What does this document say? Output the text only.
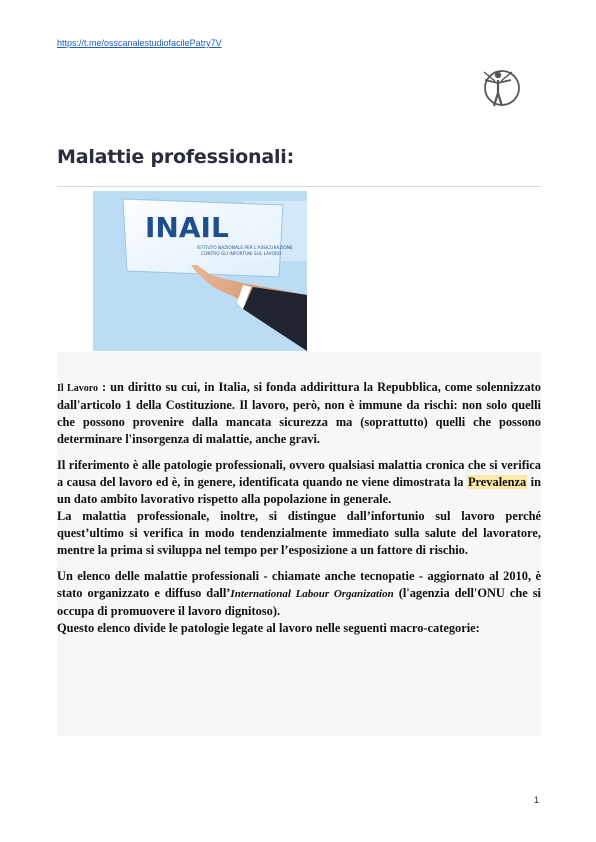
https://t.me/osscanalestudiofacilePatry7V
Malattie professionali:
INAIL
ISTITUTO NAZIONALE PER L'ASSICURAZIONE
CONTRO GLI INFORTUNI SUL LAVORO

Il Lavoro : un diritto su cui, in Italia, si fonda addirittura la Repubblica, come solennizzato dall'articolo 1 della Costituzione. Il lavoro, però, non è immune da rischi: non solo quelli che possono provenire dalla mancata sicurezza ma (soprattutto) quelli che possono determinare l'insorgenza di malattie, anche gravi.

Il riferimento è alle patologie professionali, ovvero qualsiasi malattia cronica che si verifica a causa del lavoro ed è, in genere, identificata quando ne viene dimostrata la Prevalenza in un dato ambito lavorativo rispetto alla popolazione in generale.
La malattia professionale, inoltre, si distingue dall’infortunio sul lavoro perché quest’ultimo si verifica in modo tendenzialmente immediato sulla salute del lavoratore, mentre la prima si sviluppa nel tempo per l’esposizione a un fattore di rischio.

Un elenco delle malattie professionali - chiamate anche tecnopatie - aggiornato al 2010, è stato organizzato e diffuso dall’International Labour Organization (l'agenzia dell'ONU che si occupa di promuovere il lavoro dignitoso).
Questo elenco divide le patologie legate al lavoro nelle seguenti macro-categorie:

1
